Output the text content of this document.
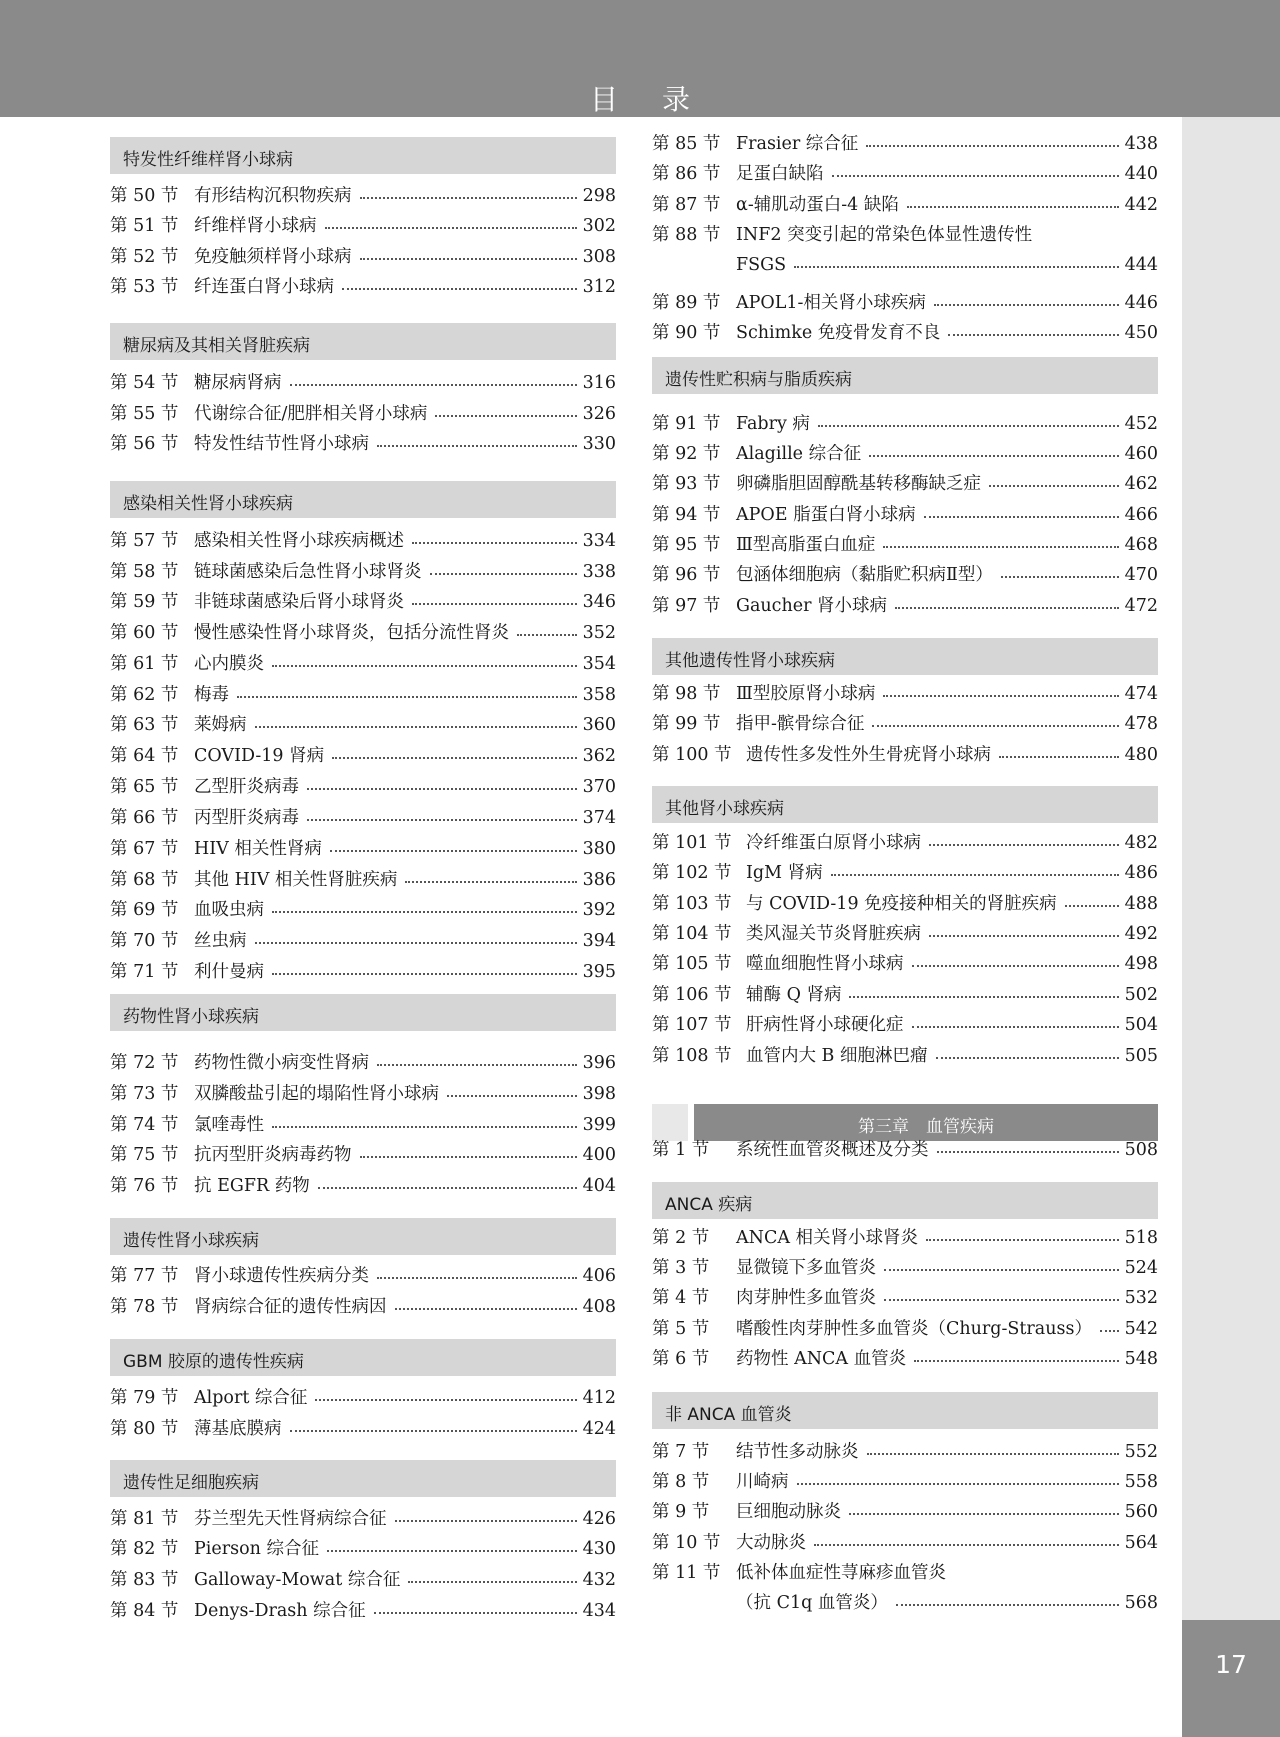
目录
17
特发性纤维样肾小球病
第 50 节 有形结构沉积物疾病	298
第 51 节 纤维样肾小球病	302
第 52 节 免疫触须样肾小球病	308
第 53 节 纤连蛋白肾小球病	312
糖尿病及其相关肾脏疾病
第 54 节 糖尿病肾病	316
第 55 节 代谢综合征/肥胖相关肾小球病	326
第 56 节 特发性结节性肾小球病	330
感染相关性肾小球疾病
第 57 节 感染相关性肾小球疾病概述	334
第 58 节 链球菌感染后急性肾小球肾炎	338
第 59 节 非链球菌感染后肾小球肾炎	346
第 60 节 慢性感染性肾小球肾炎，包括分流性肾炎	352
第 61 节 心内膜炎	354
第 62 节 梅毒	358
第 63 节 莱姆病	360
第 64 节 COVID-19 肾病	362
第 65 节 乙型肝炎病毒	370
第 66 节 丙型肝炎病毒	374
第 67 节 HIV 相关性肾病	380
第 68 节 其他 HIV 相关性肾脏疾病	386
第 69 节 血吸虫病	392
第 70 节 丝虫病	394
第 71 节 利什曼病	395
药物性肾小球疾病
第 72 节 药物性微小病变性肾病	396
第 73 节 双膦酸盐引起的塌陷性肾小球病	398
第 74 节 氯喹毒性	399
第 75 节 抗丙型肝炎病毒药物	400
第 76 节 抗 EGFR 药物	404
遗传性肾小球疾病
第 77 节 肾小球遗传性疾病分类	406
第 78 节 肾病综合征的遗传性病因	408
GBM 胶原的遗传性疾病
第 79 节 Alport 综合征	412
第 80 节 薄基底膜病	424
遗传性足细胞疾病
第 81 节 芬兰型先天性肾病综合征	426
第 82 节 Pierson 综合征	430
第 83 节 Galloway-Mowat 综合征	432
第 84 节 Denys-Drash 综合征	434
第 85 节 Frasier 综合征	438
第 86 节 足蛋白缺陷	440
第 87 节 α-辅肌动蛋白-4 缺陷	442
第 88 节 INF2 突变引起的常染色体显性遗传性
FSGS	444
第 89 节 APOL1-相关肾小球疾病	446
第 90 节 Schimke 免疫骨发育不良	450
遗传性贮积病与脂质疾病
第 91 节 Fabry 病	452
第 92 节 Alagille 综合征	460
第 93 节 卵磷脂胆固醇酰基转移酶缺乏症	462
第 94 节 APOE 脂蛋白肾小球病	466
第 95 节 Ⅲ型高脂蛋白血症	468
第 96 节 包涵体细胞病（黏脂贮积病Ⅱ型）	470
第 97 节 Gaucher 肾小球病	472
其他遗传性肾小球疾病
第 98 节 Ⅲ型胶原肾小球病	474
第 99 节 指甲-髌骨综合征	478
第 100 节 遗传性多发性外生骨疣肾小球病	480
其他肾小球疾病
第 101 节 冷纤维蛋白原肾小球病	482
第 102 节 IgM 肾病	486
第 103 节 与 COVID-19 免疫接种相关的肾脏疾病	488
第 104 节 类风湿关节炎肾脏疾病	492
第 105 节 噬血细胞性肾小球病	498
第 106 节 辅酶 Q 肾病	502
第 107 节 肝病性肾小球硬化症	504
第 108 节 血管内大 B 细胞淋巴瘤	505
第三章　血管疾病
第 1 节 系统性血管炎概述及分类	508
ANCA 疾病
第 2 节 ANCA 相关肾小球肾炎	518
第 3 节 显微镜下多血管炎	524
第 4 节 肉芽肿性多血管炎	532
第 5 节 嗜酸性肉芽肿性多血管炎（Churg-Strauss） 542
第 6 节 药物性 ANCA 血管炎	548
非 ANCA 血管炎
第 7 节 结节性多动脉炎	552
第 8 节 川崎病	558
第 9 节 巨细胞动脉炎	560
第 10 节 大动脉炎	564
第 11 节 低补体血症性荨麻疹血管炎
（抗 C1q 血管炎）	568
